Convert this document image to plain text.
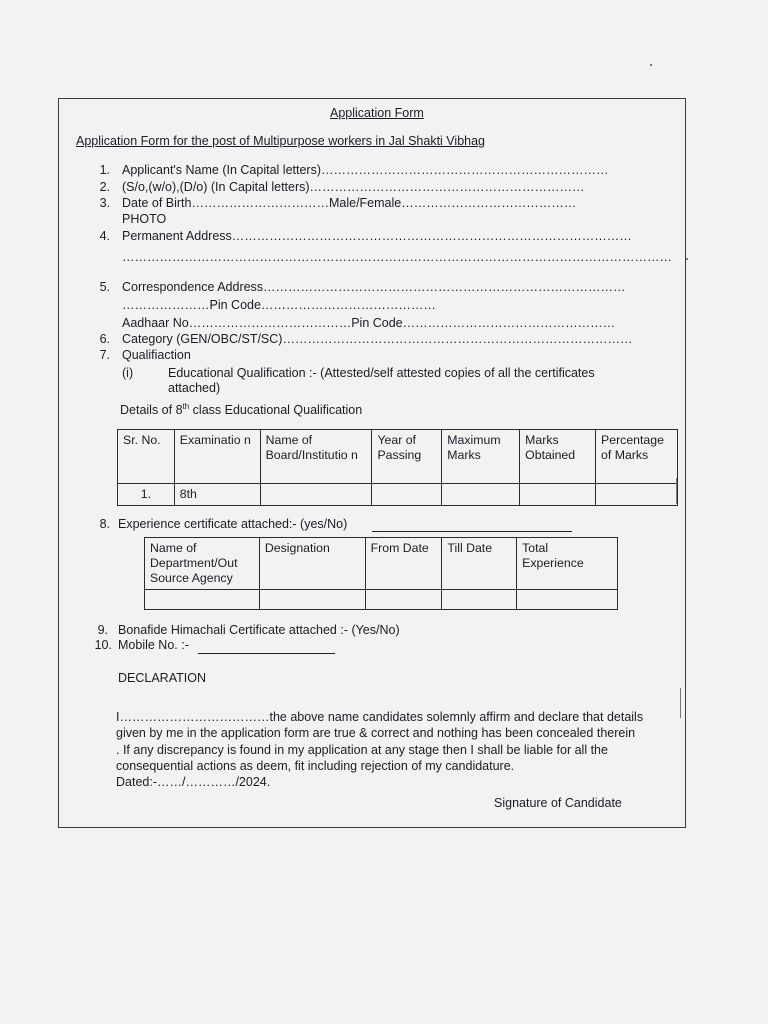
Application Form
Application Form for the post of Multipurpose workers in Jal Shakti Vibhag
1. Applicant's Name (In Capital letters)……………………………………………………………
2. (S/o,(w/o),(D/o) (In Capital letters)…………………………………………………………
3. Date of Birth……………………………Male/Female……………………………………
PHOTO
4. Permanent Address……………………………………………………………………………………
……………………………………………………………………………………………………………………
5. Correspondence Address……………………………………………………………………………
…………………Pin Code……………………………………
Aadhaar No…………………………………Pin Code……………………………………………
6. Category (GEN/OBC/ST/SC)…………………………………………………………………………
7. Qualifiaction
(i)	Educational Qualification :- (Attested/self attested copies of all the certificates
attached)
Details of 8th class Educational Qualification
Sr. No.	Examinatio n	Name of Board/Institutio n	Year of Passing	Maximum Marks	Marks Obtained	Percentage of Marks
1.	8th					
8. Experience certificate attached:- (yes/No)
Name of Department/Out Source Agency	Designation	From Date	Till Date	Total Experience

9. Bonafide Himachali Certificate attached :- (Yes/No)
10. Mobile No. :-
DECLARATION
I………………………………the above name candidates solemnly affirm and declare that details
given by me in the application form are true & correct and nothing has been concealed therein
. If any discrepancy is found in my application at any stage then I shall be liable for all the
consequential actions as deem, fit including rejection of my candidature.
Dated:-……/…………/2024.
Signature of Candidate
